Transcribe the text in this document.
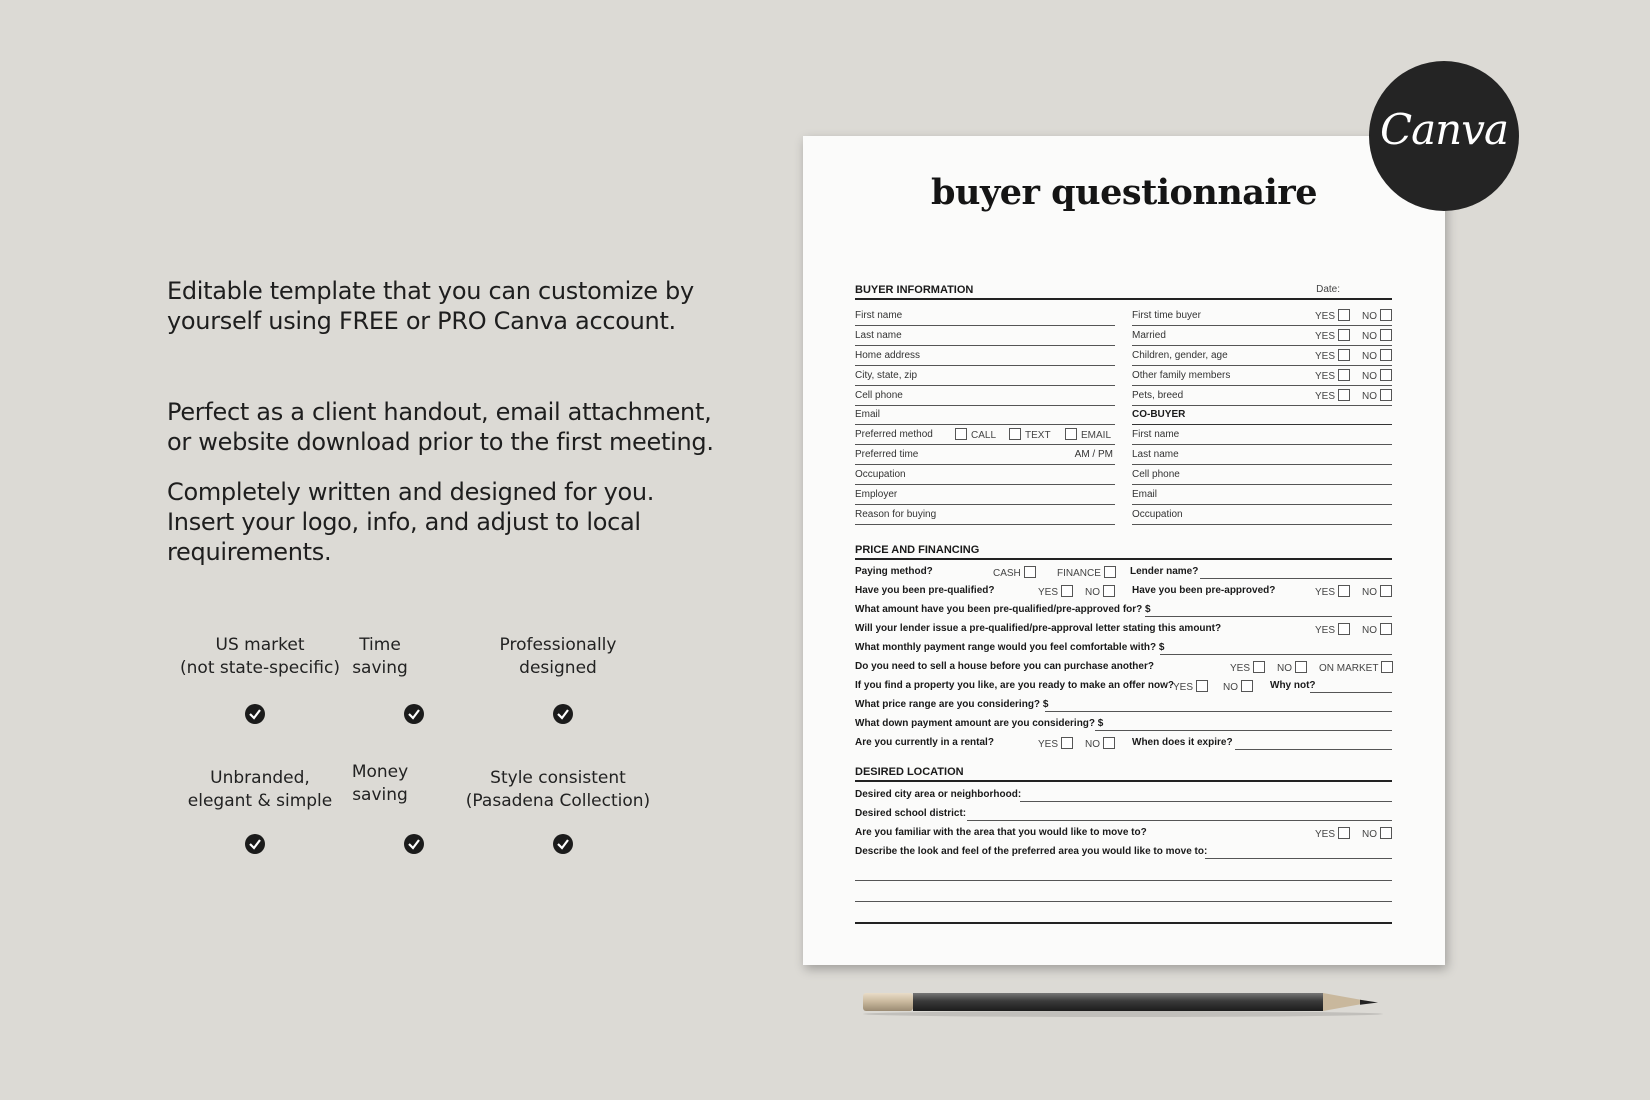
Editable template that you can customize by yourself using FREE or PRO Canva account.

Perfect as a client handout, email attachment, or website download prior to the first meeting.

Completely written and designed for you. Insert your logo, info, and adjust to local requirements.

US market
(not state-specific)
Time
saving
Professionally
designed
Unbranded,
elegant & simple
Money
saving
Style consistent
(Pasadena Collection)
buyer questionnaire
BUYER INFORMATION	Date:
First name
Last name
Home address
City, state, zip
Cell phone
Email
Preferred method	CALL	TEXT	EMAIL
Preferred time	AM / PM
Occupation
Employer
Reason for buying
First time buyer	YES	NO
Married	YES	NO
Children, gender, age	YES	NO
Other family members	YES	NO
Pets, breed	YES	NO
CO-BUYER
First name
Last name
Cell phone
Email
Occupation
PRICE AND FINANCING
Paying method?	CASH	FINANCE	Lender name?
Have you been pre-qualified?	YES	NO	Have you been pre-approved?	YES	NO
What amount have you been pre-qualified/pre-approved for? $
Will your lender issue a pre-qualified/pre-approval letter stating this amount?	YES	NO
What monthly payment range would you feel comfortable with? $
Do you need to sell a house before you can purchase another?	YES	NO	ON MARKET
If you find a property you like, are you ready to make an offer now? YES	NO	Why not?
What price range are you considering? $
What down payment amount are you considering? $
Are you currently in a rental?	YES	NO	When does it expire?
DESIRED LOCATION
Desired city area or neighborhood:
Desired school district:
Are you familiar with the area that you would like to move to?	YES	NO
Describe the look and feel of the preferred area you would like to move to:
Canva
